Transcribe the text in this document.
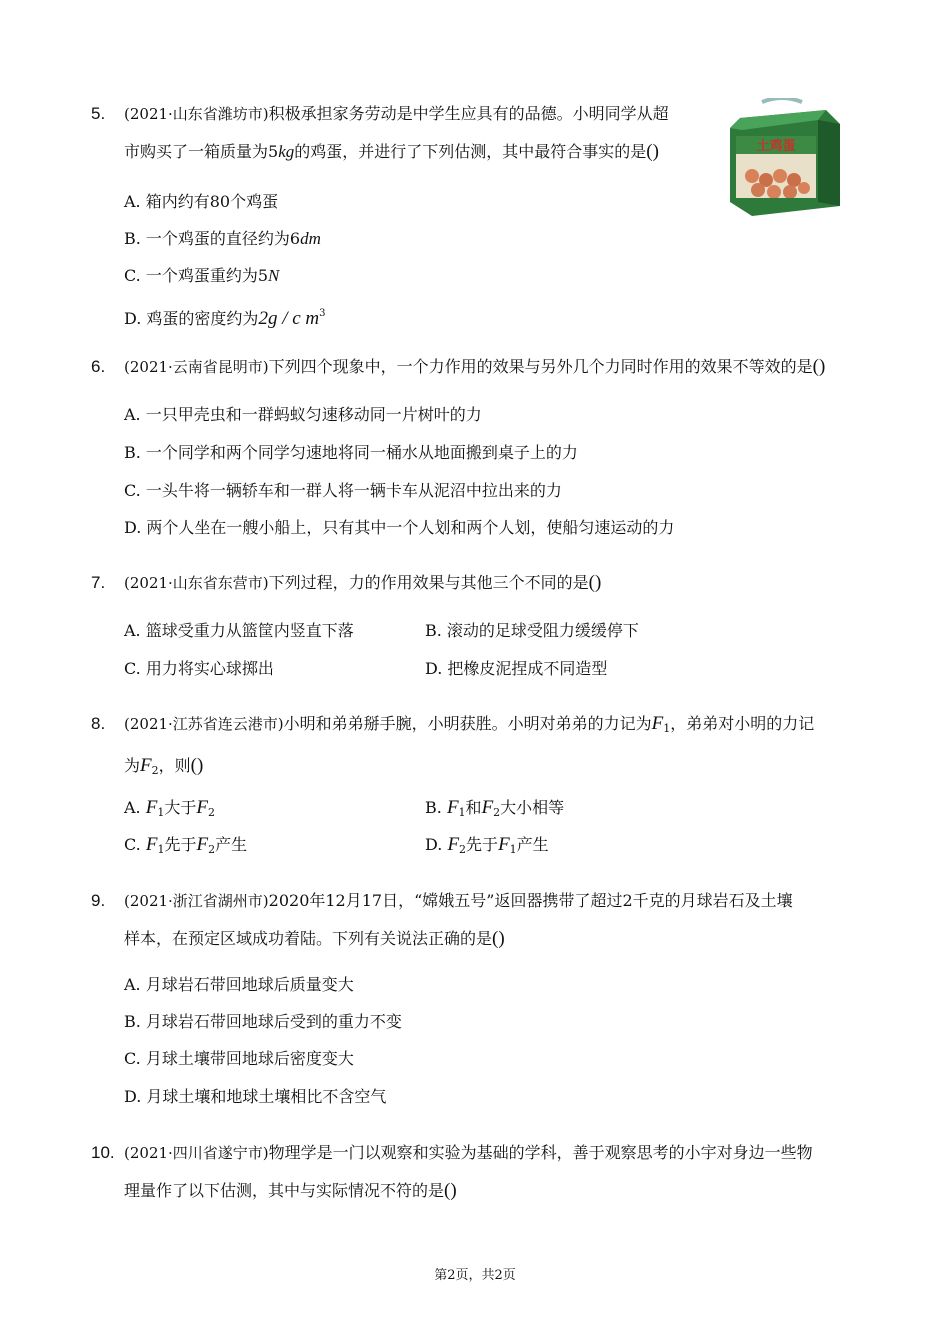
5. (2021·山东省潍坊市)积极承担家务劳动是中学生应具有的品德。小明同学从超
市购买了一箱质量为5kg的鸡蛋，并进行了下列估测，其中最符合事实的是()
A. 箱内约有80个鸡蛋
B. 一个鸡蛋的直径约为6dm
C. 一个鸡蛋重约为5N
D. 鸡蛋的密度约为2g / c $m^3$
土鸡蛋
6. (2021·云南省昆明市)下列四个现象中，一个力作用的效果与另外几个力同时作用的效果不等效的是()
A. 一只甲壳虫和一群蚂蚁匀速移动同一片树叶的力
B. 一个同学和两个同学匀速地将同一桶水从地面搬到桌子上的力
C. 一头牛将一辆轿车和一群人将一辆卡车从泥沼中拉出来的力
D. 两个人坐在一艘小船上，只有其中一个人划和两个人划，使船匀速运动的力
7. (2021·山东省东营市)下列过程，力的作用效果与其他三个不同的是()
A. 篮球受重力从篮筐内竖直下落	B. 滚动的足球受阻力缓缓停下
C. 用力将实心球掷出	D. 把橡皮泥捏成不同造型
8. (2021·江苏省连云港市)小明和弟弟掰手腕，小明获胜。小明对弟弟的力记为$F_1$，弟弟对小明的力记
为$F_2$，则()
A. $F_1$大于$F_2$	B. $F_1$和$F_2$大小相等
C. $F_1$先于$F_2$产生	D. $F_2$先于$F_1$产生
9. (2021·浙江省湖州市)2020年12月17日，“嫦娥五号”返回器携带了超过2千克的月球岩石及土壤
样本，在预定区域成功着陆。下列有关说法正确的是()
A. 月球岩石带回地球后质量变大
B. 月球岩石带回地球后受到的重力不变
C. 月球土壤带回地球后密度变大
D. 月球土壤和地球土壤相比不含空气
10. (2021·四川省遂宁市)物理学是一门以观察和实验为基础的学科，善于观察思考的小宇对身边一些物
理量作了以下估测，其中与实际情况不符的是()
第2页，共2页
